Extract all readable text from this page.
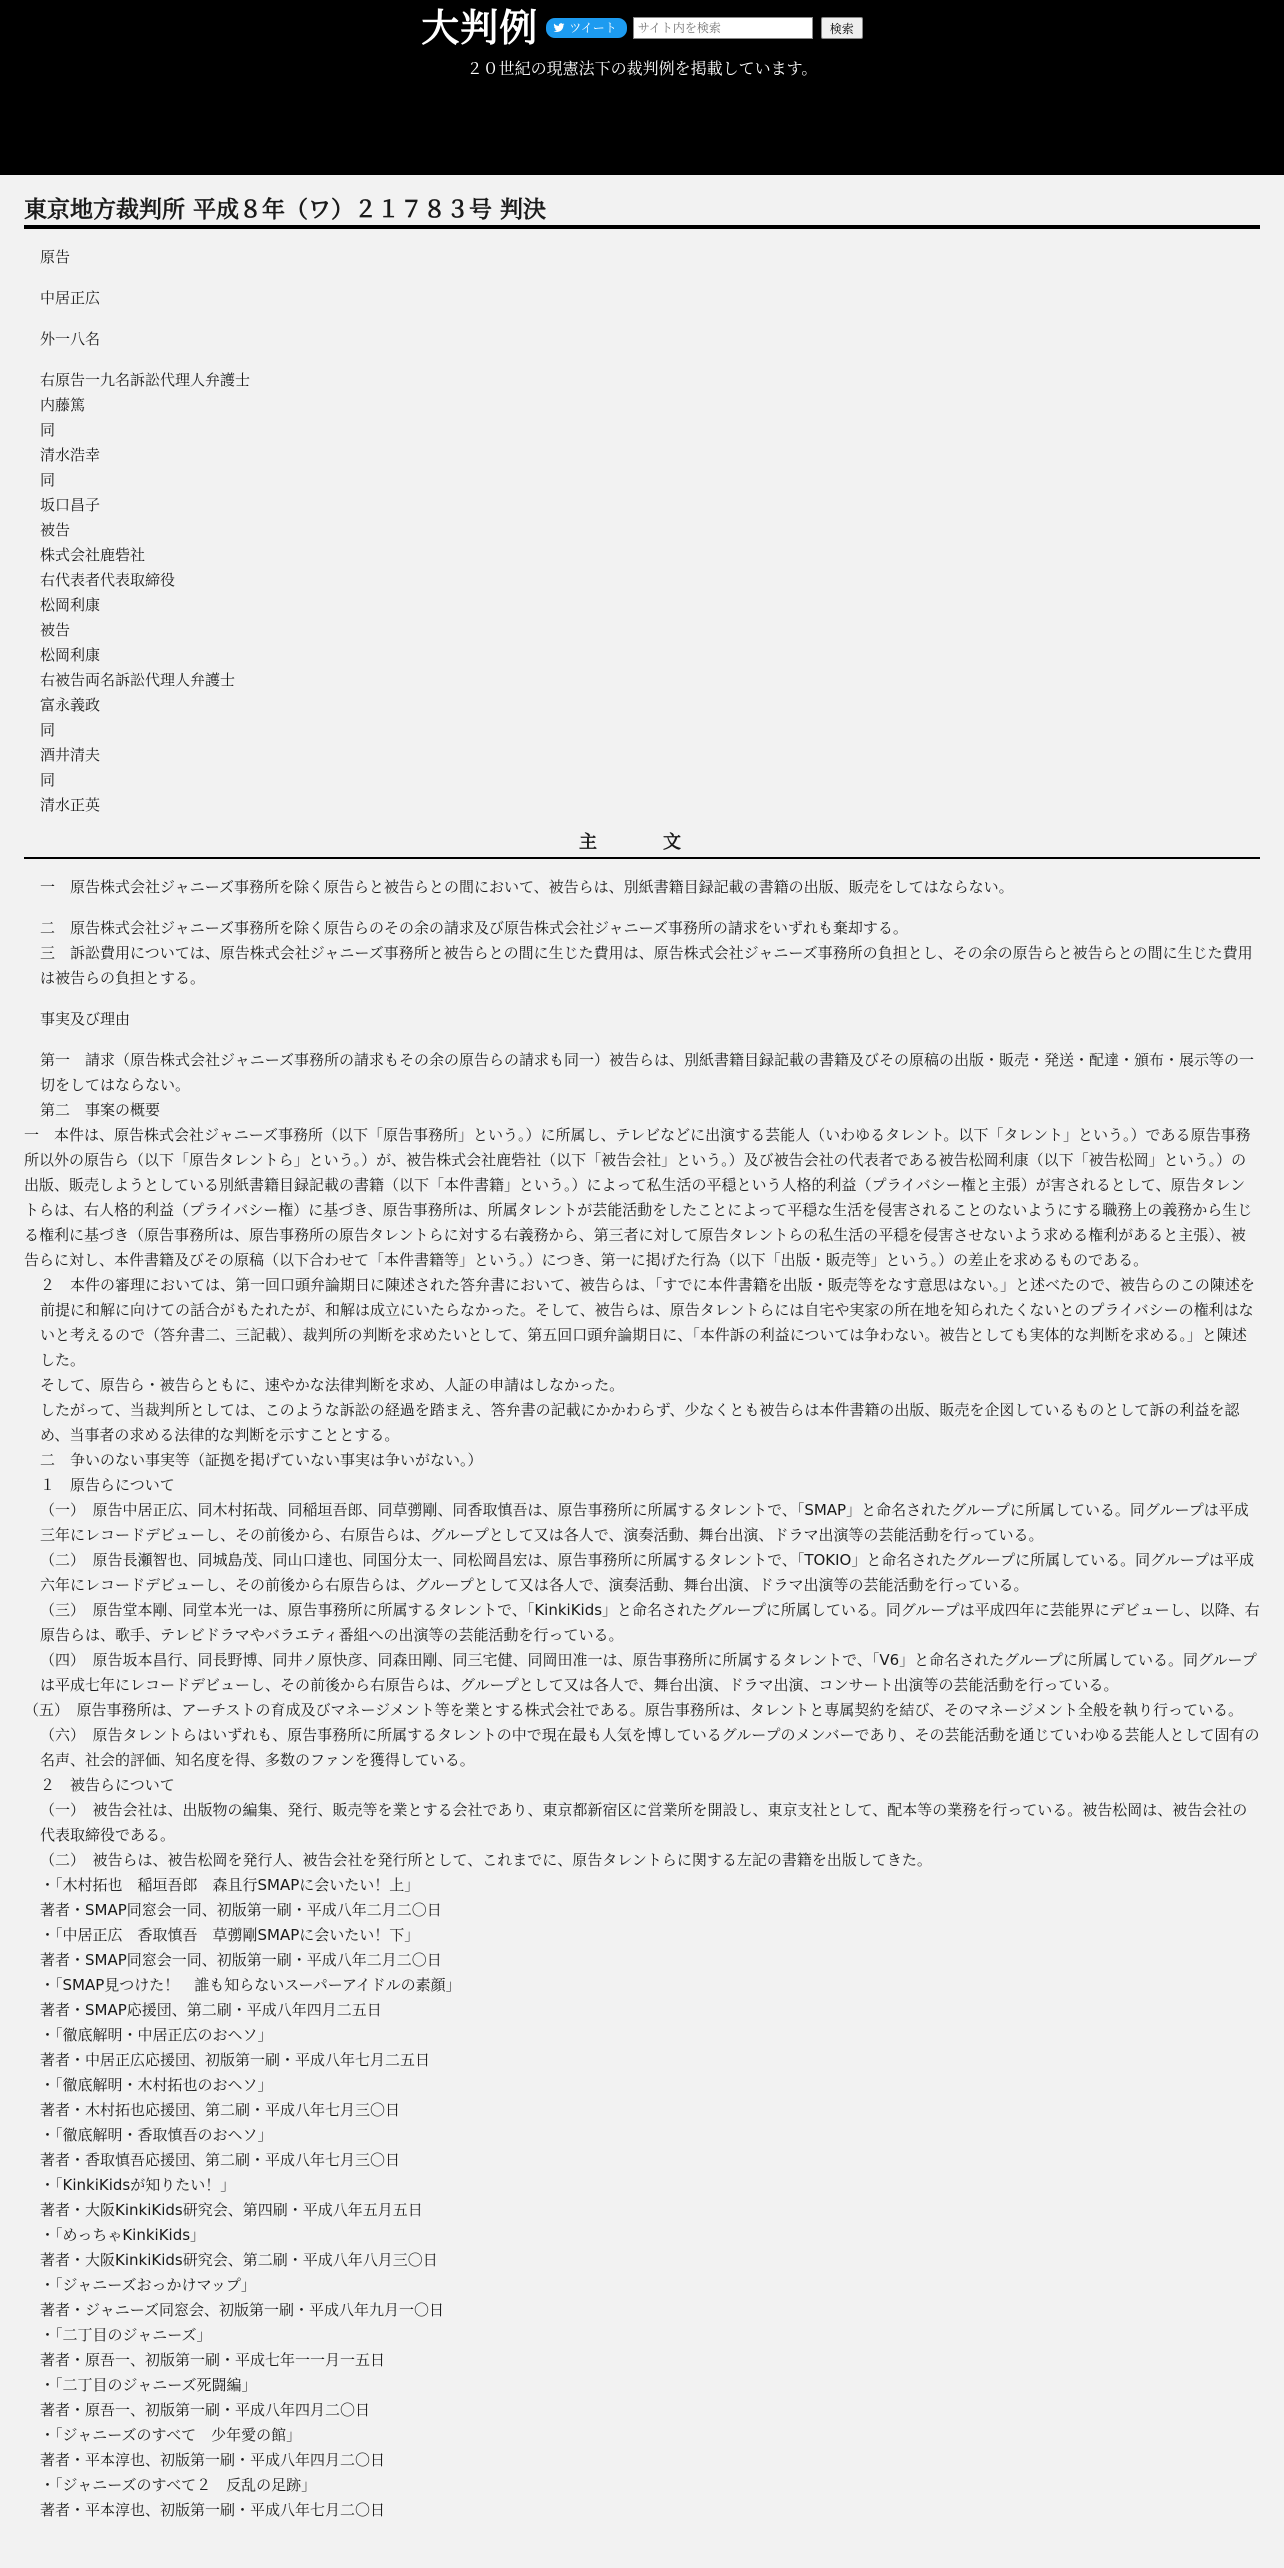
大判例	ツイート
サイト内を検索	検索
２０世紀の現憲法下の裁判例を掲載しています。
東京地方裁判所 平成８年（ワ）２１７８３号 判決
原告
中居正広
外一八名
右原告一九名訴訟代理人弁護士
内藤篤
同
清水浩幸
同
坂口昌子
被告
株式会社鹿砦社
右代表者代表取締役
松岡利康
被告
松岡利康
右被告両名訴訟代理人弁護士
富永義政
同
酒井清夫
同
清水正英
主　文

一　原告株式会社ジャニーズ事務所を除く原告らと被告らとの間において、被告らは、別紙書籍目録記載の書籍の出版、販売をしてはならない。

二　原告株式会社ジャニーズ事務所を除く原告らのその余の請求及び原告株式会社ジャニーズ事務所の請求をいずれも棄却する。

三　訴訟費用については、原告株式会社ジャニーズ事務所と被告らとの間に生じた費用は、原告株式会社ジャニーズ事務所の負担とし、その余の原告らと被告らとの間に生じた費用は被告らの負担とする。

事実及び理由

第一　請求（原告株式会社ジャニーズ事務所の請求もその余の原告らの請求も同一）被告らは、別紙書籍目録記載の書籍及びその原稿の出版・販売・発送・配達・頒布・展示等の一切をしてはならない。

第二　事案の概要

一　本件は、原告株式会社ジャニーズ事務所（以下「原告事務所」という。）に所属し、テレビなどに出演する芸能人（いわゆるタレント。以下「タレント」という。）である原告事務所以外の原告ら（以下「原告タレントら」という。）が、被告株式会社鹿砦社（以下「被告会社」という。）及び被告会社の代表者である被告松岡利康（以下「被告松岡」という。）の出版、販売しようとしている別紙書籍目録記載の書籍（以下「本件書籍」という。）によって私生活の平穏という人格的利益（プライバシー権と主張）が害されるとして、原告タレントらは、右人格的利益（プライバシー権）に基づき、原告事務所は、所属タレントが芸能活動をしたことによって平穏な生活を侵害されることのないようにする職務上の義務から生じる権利に基づき（原告事務所は、原告事務所の原告タレントらに対する右義務から、第三者に対して原告タレントらの私生活の平穏を侵害させないよう求める権利があると主張）、被告らに対し、本件書籍及びその原稿（以下合わせて「本件書籍等」という。）につき、第一に掲げた行為（以下「出版・販売等」という。）の差止を求めるものである。

２　本件の審理においては、第一回口頭弁論期日に陳述された答弁書において、被告らは、「すでに本件書籍を出版・販売等をなす意思はない。」と述べたので、被告らのこの陳述を前提に和解に向けての話合がもたれたが、和解は成立にいたらなかった。そして、被告らは、原告タレントらには自宅や実家の所在地を知られたくないとのプライバシーの権利はないと考えるので（答弁書二、三記載）、裁判所の判断を求めたいとして、第五回口頭弁論期日に、「本件訴の利益については争わない。被告としても実体的な判断を求める。」と陳述した。

そして、原告ら・被告らともに、速やかな法律判断を求め、人証の申請はしなかった。

したがって、当裁判所としては、このような訴訟の経過を踏まえ、答弁書の記載にかかわらず、少なくとも被告らは本件書籍の出版、販売を企図しているものとして訴の利益を認め、当事者の求める法律的な判断を示すこととする。

二　争いのない事実等（証拠を掲げていない事実は争いがない。）

１　原告らについて

（一）　原告中居正広、同木村拓哉、同稲垣吾郎、同草彅剛、同香取慎吾は、原告事務所に所属するタレントで、「SMAP」と命名されたグループに所属している。同グループは平成三年にレコードデビューし、その前後から、右原告らは、グループとして又は各人で、演奏活動、舞台出演、ドラマ出演等の芸能活動を行っている。

（二）　原告長瀬智也、同城島茂、同山口達也、同国分太一、同松岡昌宏は、原告事務所に所属するタレントで、「TOKIO」と命名されたグループに所属している。同グループは平成六年にレコードデビューし、その前後から右原告らは、グループとして又は各人で、演奏活動、舞台出演、ドラマ出演等の芸能活動を行っている。

（三）　原告堂本剛、同堂本光一は、原告事務所に所属するタレントで、「KinkiKids」と命名されたグループに所属している。同グループは平成四年に芸能界にデビューし、以降、右原告らは、歌手、テレビドラマやバラエティ番組への出演等の芸能活動を行っている。

（四）　原告坂本昌行、同長野博、同井ノ原快彦、同森田剛、同三宅健、同岡田准一は、原告事務所に所属するタレントで、「V6」と命名されたグループに所属している。同グループは平成七年にレコードデビューし、その前後から右原告らは、グループとして又は各人で、舞台出演、ドラマ出演、コンサート出演等の芸能活動を行っている。

（五）　原告事務所は、アーチストの育成及びマネージメント等を業とする株式会社である。原告事務所は、タレントと専属契約を結び、そのマネージメント全般を執り行っている。

（六）　原告タレントらはいずれも、原告事務所に所属するタレントの中で現在最も人気を博しているグループのメンバーであり、その芸能活動を通じていわゆる芸能人として固有の名声、社会的評価、知名度を得、多数のファンを獲得している。

２　被告らについて

（一）　被告会社は、出版物の編集、発行、販売等を業とする会社であり、東京都新宿区に営業所を開設し、東京支社として、配本等の業務を行っている。被告松岡は、被告会社の代表取締役である。

（二）　被告らは、被告松岡を発行人、被告会社を発行所として、これまでに、原告タレントらに関する左記の書籍を出版してきた。

・「木村拓也　稲垣吾郎　森且行SMAPに会いたい！上」

著者・SMAP同窓会一同、初版第一刷・平成八年二月二〇日

・「中居正広　香取慎吾　草彅剛SMAPに会いたい！下」

著者・SMAP同窓会一同、初版第一刷・平成八年二月二〇日

・「SMAP見つけた！　誰も知らないスーパーアイドルの素顔」

著者・SMAP応援団、第二刷・平成八年四月二五日

・「徹底解明・中居正広のおヘソ」

著者・中居正広応援団、初版第一刷・平成八年七月二五日

・「徹底解明・木村拓也のおヘソ」

著者・木村拓也応援団、第二刷・平成八年七月三〇日

・「徹底解明・香取慎吾のおヘソ」

著者・香取慎吾応援団、第二刷・平成八年七月三〇日

・「KinkiKidsが知りたい！」

著者・大阪KinkiKids研究会、第四刷・平成八年五月五日

・「めっちゃKinkiKids」

著者・大阪KinkiKids研究会、第二刷・平成八年八月三〇日

・「ジャニーズおっかけマップ」

著者・ジャニーズ同窓会、初版第一刷・平成八年九月一〇日

・「二丁目のジャニーズ」

著者・原吾一、初版第一刷・平成七年一一月一五日

・「二丁目のジャニーズ死闘編」

著者・原吾一、初版第一刷・平成八年四月二〇日

・「ジャニーズのすべて　少年愛の館」

著者・平本淳也、初版第一刷・平成八年四月二〇日

・「ジャニーズのすべて２　反乱の足跡」

著者・平本淳也、初版第一刷・平成八年七月二〇日
